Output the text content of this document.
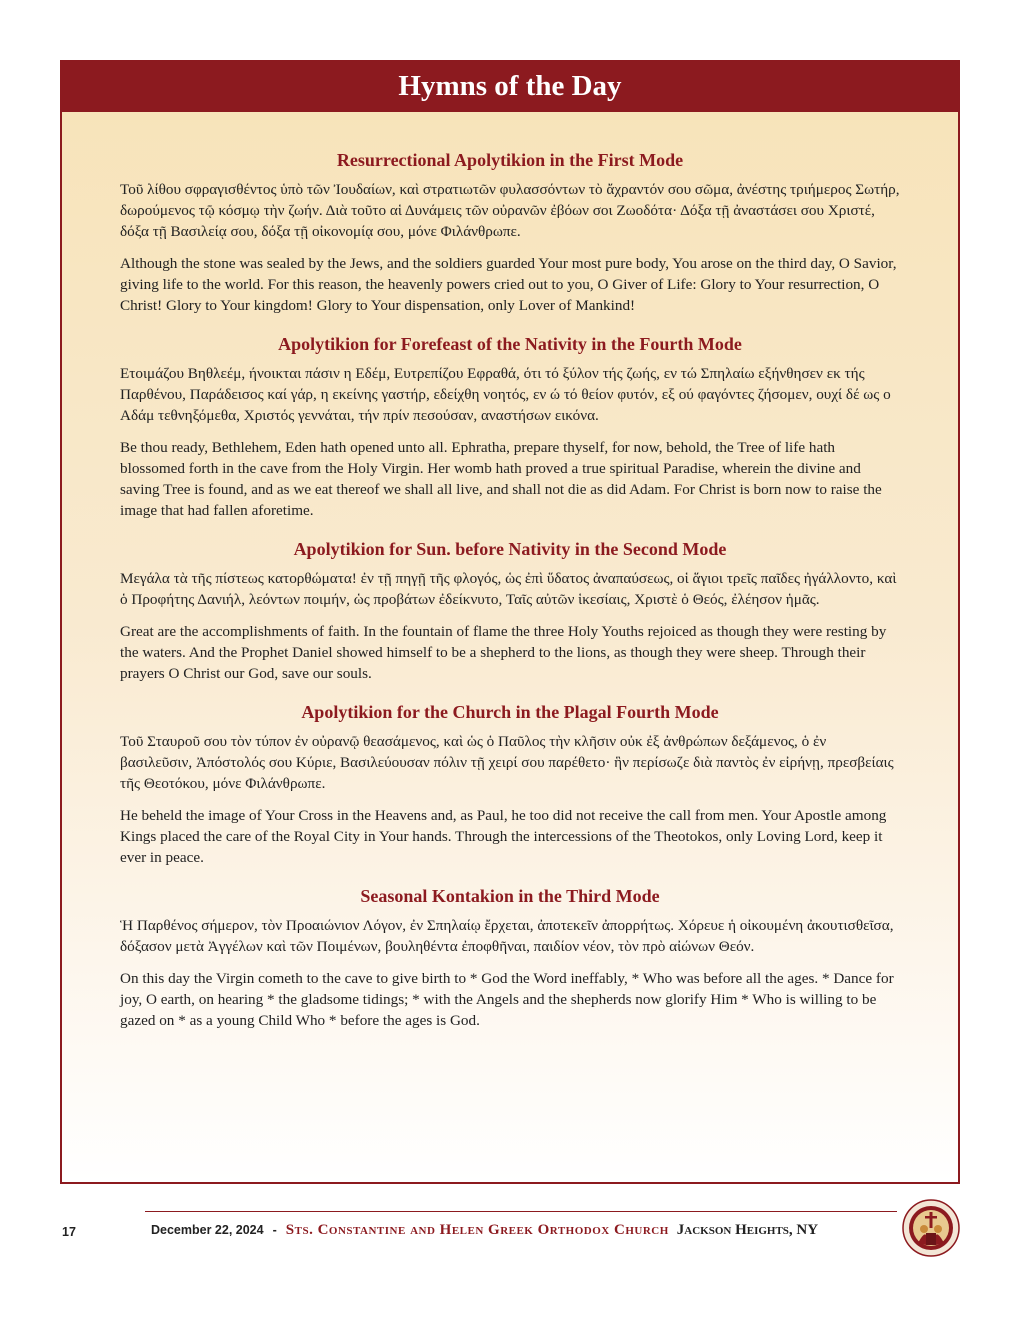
Hymns of the Day
Resurrectional Apolytikion in the First Mode

Τοῦ λίθου σφραγισθέντος ὑπὸ τῶν Ἰουδαίων, καὶ στρατιωτῶν φυλασσόντων τὸ ἄχραντόν σου σῶμα, ἀνέστης τριήμερος Σωτήρ, δωρούμενος τῷ κόσμῳ τὴν ζωήν. Διὰ τοῦτο αἱ Δυνάμεις τῶν οὐρανῶν ἐβόων σοι Ζωοδότα· Δόξα τῇ ἀναστάσει σου Χριστέ, δόξα τῇ Βασιλείᾳ σου, δόξα τῇ οἰκονομίᾳ σου, μόνε Φιλάνθρωπε.

Although the stone was sealed by the Jews, and the soldiers guarded Your most pure body, You arose on the third day, O Savior, giving life to the world. For this reason, the heavenly powers cried out to you, O Giver of Life: Glory to Your resurrection, O Christ! Glory to Your kingdom! Glory to Your dispensation, only Lover of Mankind!

Apolytikion for Forefeast of the Nativity in the Fourth Mode

Ετοιμάζου Βηθλεέμ, ήνοικται πάσιν η Εδέμ, Ευτρεπίζου Εφραθά, ότι τό ξύλον τής ζωής, εν τώ Σπηλαίω εξήνθησεν εκ τής Παρθένου, Παράδεισος καί γάρ, η εκείνης γαστήρ, εδείχθη νοητός, εν ώ τό θείον φυτόν, εξ ού φαγόντες ζήσομεν, ουχί δέ ως ο Αδάμ τεθνηξόμεθα, Χριστός γεννάται, τήν πρίν πεσούσαν, αναστήσων εικόνα.

Be thou ready, Bethlehem, Eden hath opened unto all. Ephratha, prepare thyself, for now, behold, the Tree of life hath blossomed forth in the cave from the Holy Virgin. Her womb hath proved a true spiritual Paradise, wherein the divine and saving Tree is found, and as we eat thereof we shall all live, and shall not die as did Adam. For Christ is born now to raise the image that had fallen aforetime.

Apolytikion for Sun. before Nativity in the Second Mode

Μεγάλα τὰ τῆς πίστεως κατορθώματα! ἐν τῇ πηγῇ τῆς φλογός, ὡς ἐπὶ ὕδατος ἀναπαύσεως, οἱ ἅγιοι τρεῖς παῖδες ἠγάλλοντο, καὶ ὁ Προφήτης Δανιήλ, λεόντων ποιμήν, ὡς προβάτων ἐδείκνυτο, Ταῖς αὐτῶν ἱκεσίαις, Χριστὲ ὁ Θεός, ἐλέησον ἡμᾶς.

Great are the accomplishments of faith. In the fountain of flame the three Holy Youths rejoiced as though they were resting by the waters. And the Prophet Daniel showed himself to be a shepherd to the lions, as though they were sheep. Through their prayers O Christ our God, save our souls.

Apolytikion for the Church in the Plagal Fourth Mode

Τοῦ Σταυροῦ σου τὸν τύπον ἐν οὐρανῷ θεασάμενος, καὶ ὡς ὁ Παῦλος τὴν κλῆσιν οὐκ ἐξ ἀνθρώπων δεξάμενος, ὁ ἐν βασιλεῦσιν, Ἀπόστολός σου Κύριε, Βασιλεύουσαν πόλιν τῇ χειρί σου παρέθετο· ἣν περίσωζε διὰ παντὸς ἐν εἰρήνῃ, πρεσβείαις τῆς Θεοτόκου, μόνε Φιλάνθρωπε.

He beheld the image of Your Cross in the Heavens and, as Paul, he too did not receive the call from men. Your Apostle among Kings placed the care of the Royal City in Your hands. Through the intercessions of the Theotokos, only Loving Lord, keep it ever in peace.

Seasonal Kontakion in the Third Mode

Ἡ Παρθένος σήμερον, τὸν Προαιώνιον Λόγον, ἐν Σπηλαίῳ ἔρχεται, ἀποτεκεῖν ἀπορρήτως. Χόρευε ἡ οἰκουμένη ἀκουτισθεῖσα, δόξασον μετὰ Ἀγγέλων καὶ τῶν Ποιμένων, βουληθέντα ἐποφθῆναι, παιδίον νέον, τὸν πρὸ αἰώνων Θεόν.

On this day the Virgin cometh to the cave to give birth to * God the Word ineffably, * Who was before all the ages. * Dance for joy, O earth, on hearing * the gladsome tidings; * with the Angels and the shepherds now glorify Him * Who is willing to be gazed on * as a young Child Who * before the ages is God.

17	December 22, 2024 - Sts. Constantine and Helen Greek Orthodox Church Jackson Heights, NY
